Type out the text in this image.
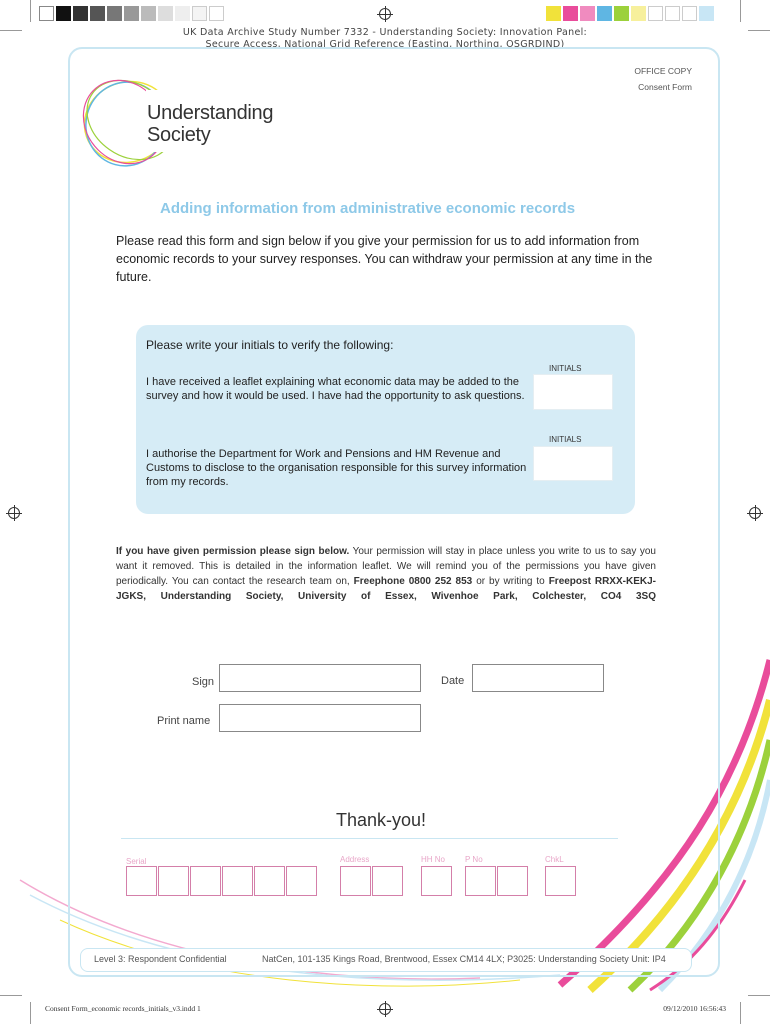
UK Data Archive Study Number 7332 - Understanding Society: Innovation Panel:
Secure Access, National Grid Reference (Easting, Northing, OSGRDIND)
Understanding
Society
OFFICE COPY
Consent Form
Adding information from administrative economic records
Please read this form and sign below if you give your permission for us to add information from economic records to your survey responses. You can withdraw your permission at any time in the future.
Please write your initials to verify the following:
INITIALS
I have received a leaflet explaining what economic data may be added to the survey and how it would be used. I have had the opportunity to ask questions.
INITIALS
I authorise the Department for Work and Pensions and HM Revenue and Customs to disclose to the organisation responsible for this survey information from my records.
If you have given permission please sign below. Your permission will stay in place unless you write to us to say you want it removed. This is detailed in the information leaflet. We will remind you of the permissions you have given periodically. You can contact the research team on, Freephone 0800 252 853 or by writing to Freepost RRXX-KEKJ-JGKS, Understanding Society, University of Essex, Wivenhoe Park, Colchester, CO4 3SQ
Sign	Date
Print name
Thank-you!
Serial	Address	HH No P No	ChkL
Level 3: Respondent Confidential	NatCen, 101-135 Kings Road, Brentwood, Essex CM14 4LX; P3025: Understanding Society Unit: IP4
Consent Form_economic records_initials_v3.indd 1	09/12/2010 16:56:43
